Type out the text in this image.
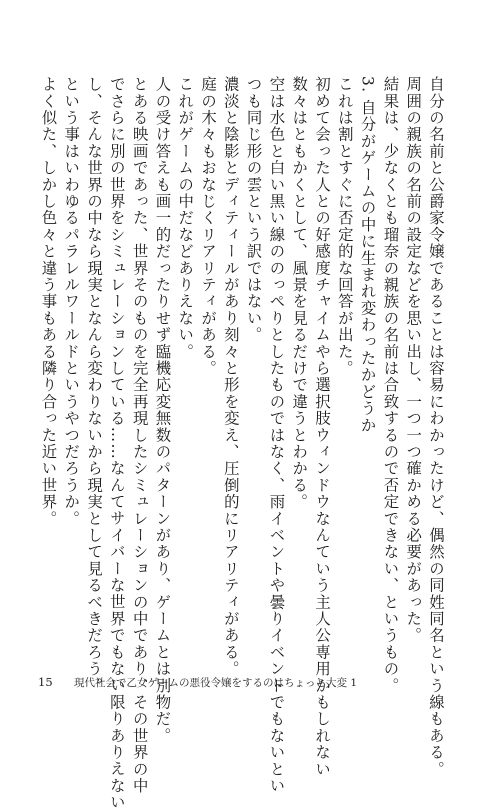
自分の名前と公爵家令嬢であることは容易にわかったけど、偶然の同姓同名という線もある。

周囲の親族の名前の設定などを思い出し、一つ一つ確かめる必要があった。

結果は、少なくとも瑠奈の親族の名前は合致するので否定できない、というもの。

3. 自分がゲームの中に生まれ変わったかどうか

これは割とすぐに否定的な回答が出た。

初めて会った人との好感度チャイムやら選択肢ウィンドウなんていう主人公専用かもしれない

数々はともかくとして、風景を見るだけで違うとわかる。

空は水色と白い黒い線ののっぺりとしたものではなく、雨イベントや曇りイベントでもないとい

つも同じ形の雲という訳ではない。

濃淡と陰影とディティールがあり刻々と形を変え、圧倒的にリアリティがある。

庭の木々もおなじくリアリティがある。

これがゲームの中だなどありえない。

人の受け答えも画一的だったりせず臨機応変無数のパターンがあり、ゲームとは別物だ。

とある映画であった、世界そのものを完全再現したシミュレーションの中であり、その世界の中

でさらに別の世界をシミュレーションしている……なんてサイバーな世界でもない限りありえない

し、そんな世界の中なら現実となんら変わりないから現実として見るべきだろう。

という事はいわゆるパラレルワールドというやつだろうか。

よく似た、しかし色々と違う事もある隣り合った近い世界。

15 現代社会で乙女ゲームの悪役令嬢をするのはちょっと大変 1
